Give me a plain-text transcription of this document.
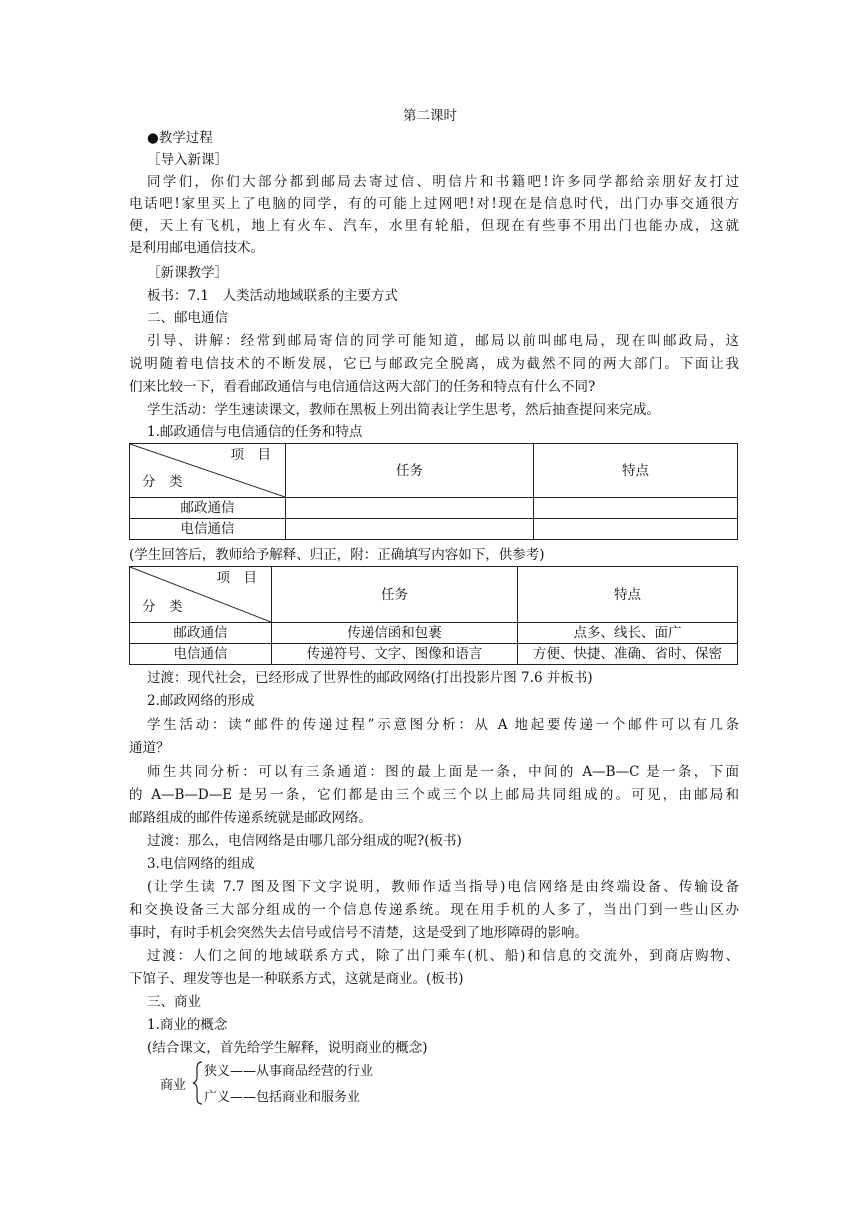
第二课时
●教学过程
［导入新课］
同学们，你们大部分都到邮局去寄过信、明信片和书籍吧!许多同学都给亲朋好友打过
电话吧!家里买上了电脑的同学，有的可能上过网吧!对!现在是信息时代，出门办事交通很方
便，天上有飞机，地上有火车、汽车，水里有轮船，但现在有些事不用出门也能办成，这就
是利用邮电通信技术。
［新课教学］
板书：7.1　人类活动地域联系的主要方式
二、邮电通信
引导、讲解：经常到邮局寄信的同学可能知道，邮局以前叫邮电局，现在叫邮政局，这
说明随着电信技术的不断发展，它已与邮政完全脱离，成为截然不同的两大部门。下面让我
们来比较一下，看看邮政通信与电信通信这两大部门的任务和特点有什么不同?
学生活动：学生速读课文，教师在黑板上列出简表让学生思考，然后抽查提问来完成。
1.邮政通信与电信通信的任务和特点
项　目
分　类	任务	特点
邮政通信		
电信通信		
(学生回答后，教师给予解释、归正，附：正确填写内容如下，供参考)
项　目
分　类	任务	特点
邮政通信	传递信函和包裹	点多、线长、面广
电信通信	传递符号、文字、图像和语言	方便、快捷、准确、省时、保密
过渡：现代社会，已经形成了世界性的邮政网络(打出投影片图 7.6 并板书)
2.邮政网络的形成
学生活动：读“邮件的传递过程”示意图分析：从 A 地起要传递一个邮件可以有几条
通道？
师生共同分析：可以有三条通道：图的最上面是一条，中间的 A—B—C 是一条，下面
的 A—B—D—E 是另一条，它们都是由三个或三个以上邮局共同组成的。可见，由邮局和
邮路组成的邮件传递系统就是邮政网络。
过渡：那么，电信网络是由哪几部分组成的呢?(板书)
3.电信网络的组成
(让学生读 7.7 图及图下文字说明，教师作适当指导)电信网络是由终端设备、传输设备
和交换设备三大部分组成的一个信息传递系统。现在用手机的人多了，当出门到一些山区办
事时，有时手机会突然失去信号或信号不清楚，这是受到了地形障碍的影响。
过渡：人们之间的地域联系方式，除了出门乘车(机、船)和信息的交流外，到商店购物、
下馆子、理发等也是一种联系方式，这就是商业。(板书)
三、商业
1.商业的概念
(结合课文，首先给学生解释，说明商业的概念)
商业
狭义——从事商品经营的行业
广义——包括商业和服务业
